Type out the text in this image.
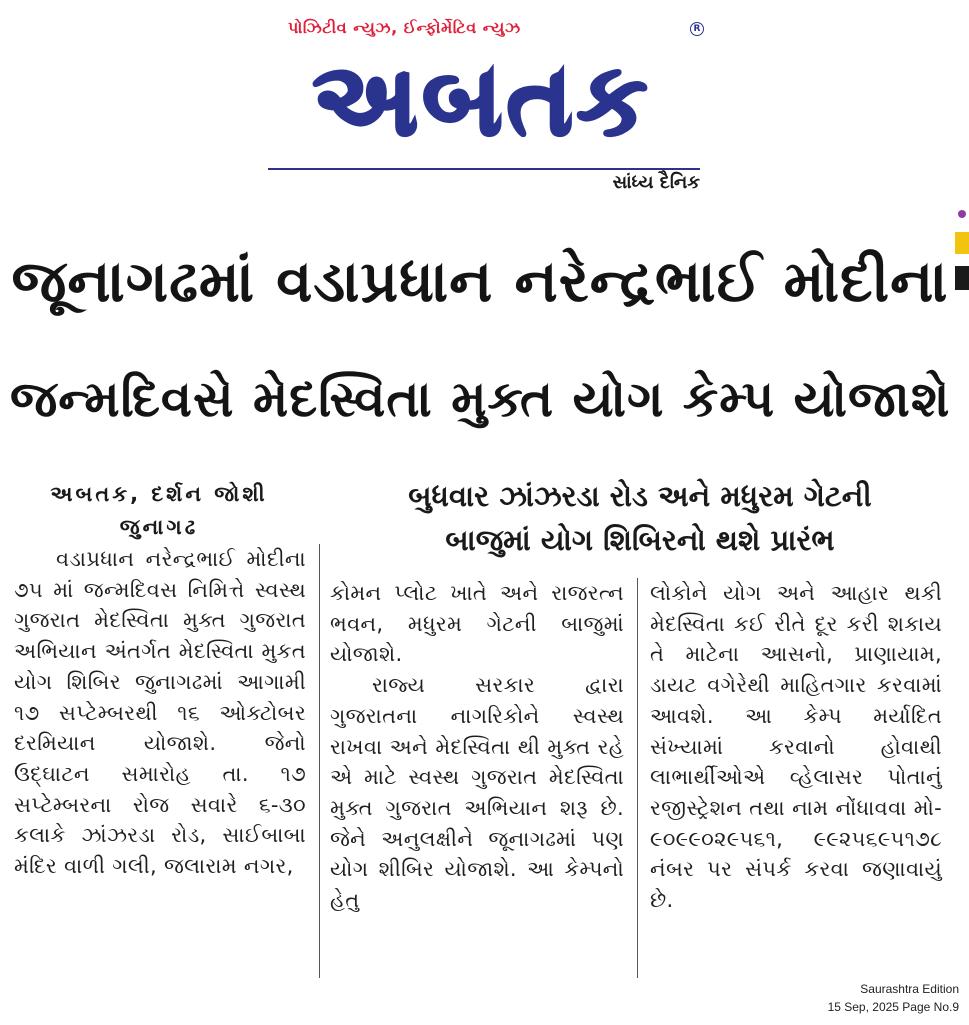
પોઝિટીવ ન્યુઝ, ઈન્ફોર્મેટિવ ન્યુઝ	R
અબતક
સાંધ્ય દૈનિક
જૂનાગઢમાં વડાપ્રધાન નરેન્દ્રભાઈ મોદીના
જન્મદિવસે મેદસ્વિતા મુક્ત યોગ કેમ્પ યોજાશે
અબતક, દર્શન જોશી
જુનાગઢ
બુધવાર ઝાંઝરડા રોડ અને મધુરમ ગેટની
બાજુમાં યોગ શિબિરનો થશે પ્રારંભ

વડાપ્રધાન નરેન્દ્રભાઈ મોદીના ૭૫ માં જન્મદિવસ નિમિત્તે સ્વસ્થ ગુજરાત મેદસ્વિતા મુક્ત ગુજરાત અભિયાન અંતર્ગત મેદસ્વિતા મુકત યોગ શિબિર જુનાગઢમાં આગામી ૧૭ સપ્ટેમ્બરથી ૧૬ ઓક્ટોબર દરમિયાન યોજાશે. જેનો ઉદ્ઘાટન સમારોહ તા. ૧૭ સપ્ટેમ્બરના રોજ સવારે ૬-૩૦ કલાકે ઝાંઝરડા રોડ, સાઈબાબા મંદિર વાળી ગલી, જલારામ નગર,

કોમન પ્લોટ ખાતે અને રાજરત્ન ભવન, મધુરમ ગેટની બાજુમાં યોજાશે.

રાજ્ય સરકાર દ્વારા ગુજરાતના નાગરિકોને સ્વસ્થ રાખવા અને મેદસ્વિતા થી મુક્ત રહે એ માટે સ્વસ્થ ગુજરાત મેદસ્વિતા મુક્ત ગુજરાત અભિયાન શરૂ છે. જેને અનુલક્ષીને જૂનાગઢમાં પણ યોગ શીબિર યોજાશે. આ કેમ્પનો હેતુ

લોકોને યોગ અને આહાર થકી મેદસ્વિતા કઈ રીતે દૂર કરી શકાય તે માટેના આસનો, પ્રાણાયામ, ડાયટ વગેરેથી માહિતગાર કરવામાં આવશે. આ કેમ્પ મર્યાદિત સંખ્યામાં કરવાનો હોવાથી લાભાર્થીઓએ વ્હેલાસર પોતાનું રજીસ્ટ્રેશન તથા નામ નોંધાવવા મો- ૯૦૯૯૦૨૯૫૬૧, ૯૯૨૫૬૯૫૧૭૮ નંબર પર સંપર્ક કરવા જણાવાયું છે.

Saurashtra Edition
15 Sep, 2025 Page No.9
